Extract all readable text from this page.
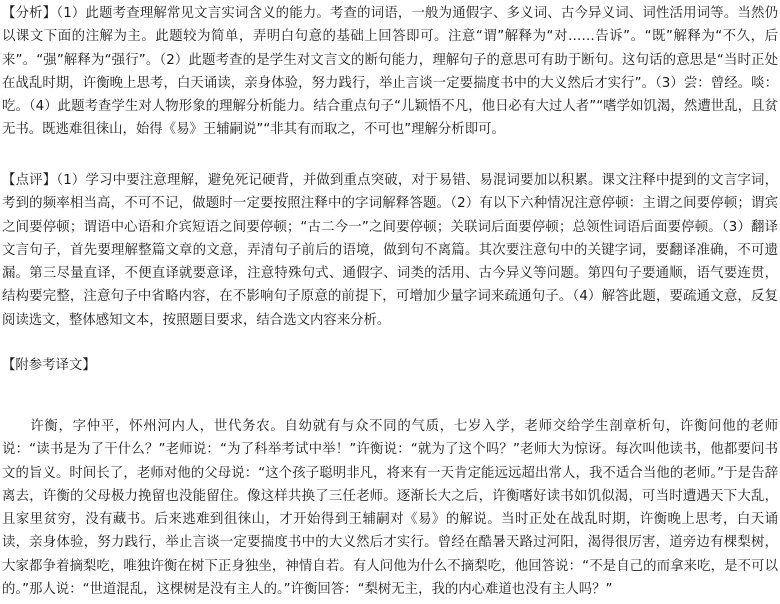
【分析】（1）此题考查理解常见文言实词含义的能力。考查的词语，一般为通假字、多义词、古今异义词、词性活用词等。当然仍以课文下面的注解为主。此题较为简单，弄明白句意的基础上回答即可。注意“谓”解释为“对……告诉”。“既”解释为“不久，后来”。“强”解释为“强行”。（2）此题考查的是学生对文言文的断句能力，理解句子的意思可有助于断句。这句话的意思是“当时正处在战乱时期，许衡晚上思考，白天诵读，亲身体验，努力践行，举止言谈一定要揣度书中的大义然后才实行”。（3）尝：曾经。啖：吃。（4）此题考查学生对人物形象的理解分析能力。结合重点句子“儿颖悟不凡，他日必有大过人者”“嗜学如饥渴，然遭世乱，且贫无书。既逃难徂徕山，始得《易》王辅嗣说”“非其有而取之，不可也”理解分析即可。

【点评】（1）学习中要注意理解，避免死记硬背，并做到重点突破，对于易错、易混词要加以积累。课文注释中提到的文言字词，考到的频率相当高，不可不记，做题时一定要按照注释中的字词解释答题。（2）有以下六种情况注意停顿：主谓之间要停顿；谓宾之间要停顿；谓语中心语和介宾短语之间要停顿；“古二今一”之间要停顿；关联词后面要停顿；总领性词语后面要停顿。（3）翻译文言句子，首先要理解整篇文章的文意，弄清句子前后的语境，做到句不离篇。其次要注意句中的关键字词，要翻译准确，不可遗漏。第三尽量直译，不便直译就要意译，注意特殊句式、通假字、词类的活用、古今异义等问题。第四句子要通顺，语气要连贯，结构要完整，注意句子中省略内容，在不影响句子原意的前提下，可增加少量字词来疏通句子。（4）解答此题，要疏通文意，反复阅读选文，整体感知文本，按照题目要求，结合选文内容来分析。

【附参考译文】

　　许衡，字仲平，怀州河内人，世代务农。自幼就有与众不同的气质，七岁入学，老师交给学生剖章析句，许衡问他的老师说：“读书是为了干什么？”老师说：“为了科举考试中举！”许衡说：“就为了这个吗？”老师大为惊讶。每次叫他读书，他都要问书文的旨义。时间长了，老师对他的父母说：“这个孩子聪明非凡，将来有一天肯定能远远超出常人，我不适合当他的老师。”于是告辞离去，许衡的父母极力挽留也没能留住。像这样共换了三任老师。逐渐长大之后，许衡嗜好读书如饥似渴，可当时遭遇天下大乱，且家里贫穷，没有藏书。后来逃难到徂徕山，才开始得到王辅嗣对《易》的解说。当时正处在战乱时期，许衡晚上思考，白天诵读，亲身体验，努力践行，举止言谈一定要揣度书中的大义然后才实行。曾经在酷暑天路过河阳，渴得很厉害，道旁边有棵梨树，大家都争着摘梨吃，唯独许衡在树下正身独坐，神情自若。有人问他为什么不摘梨吃，他回答说：“不是自己的而拿来吃，是不可以的。”那人说：“世道混乱，这棵树是没有主人的。”许衡回答：“梨树无主，我的内心难道也没有主人吗？”
